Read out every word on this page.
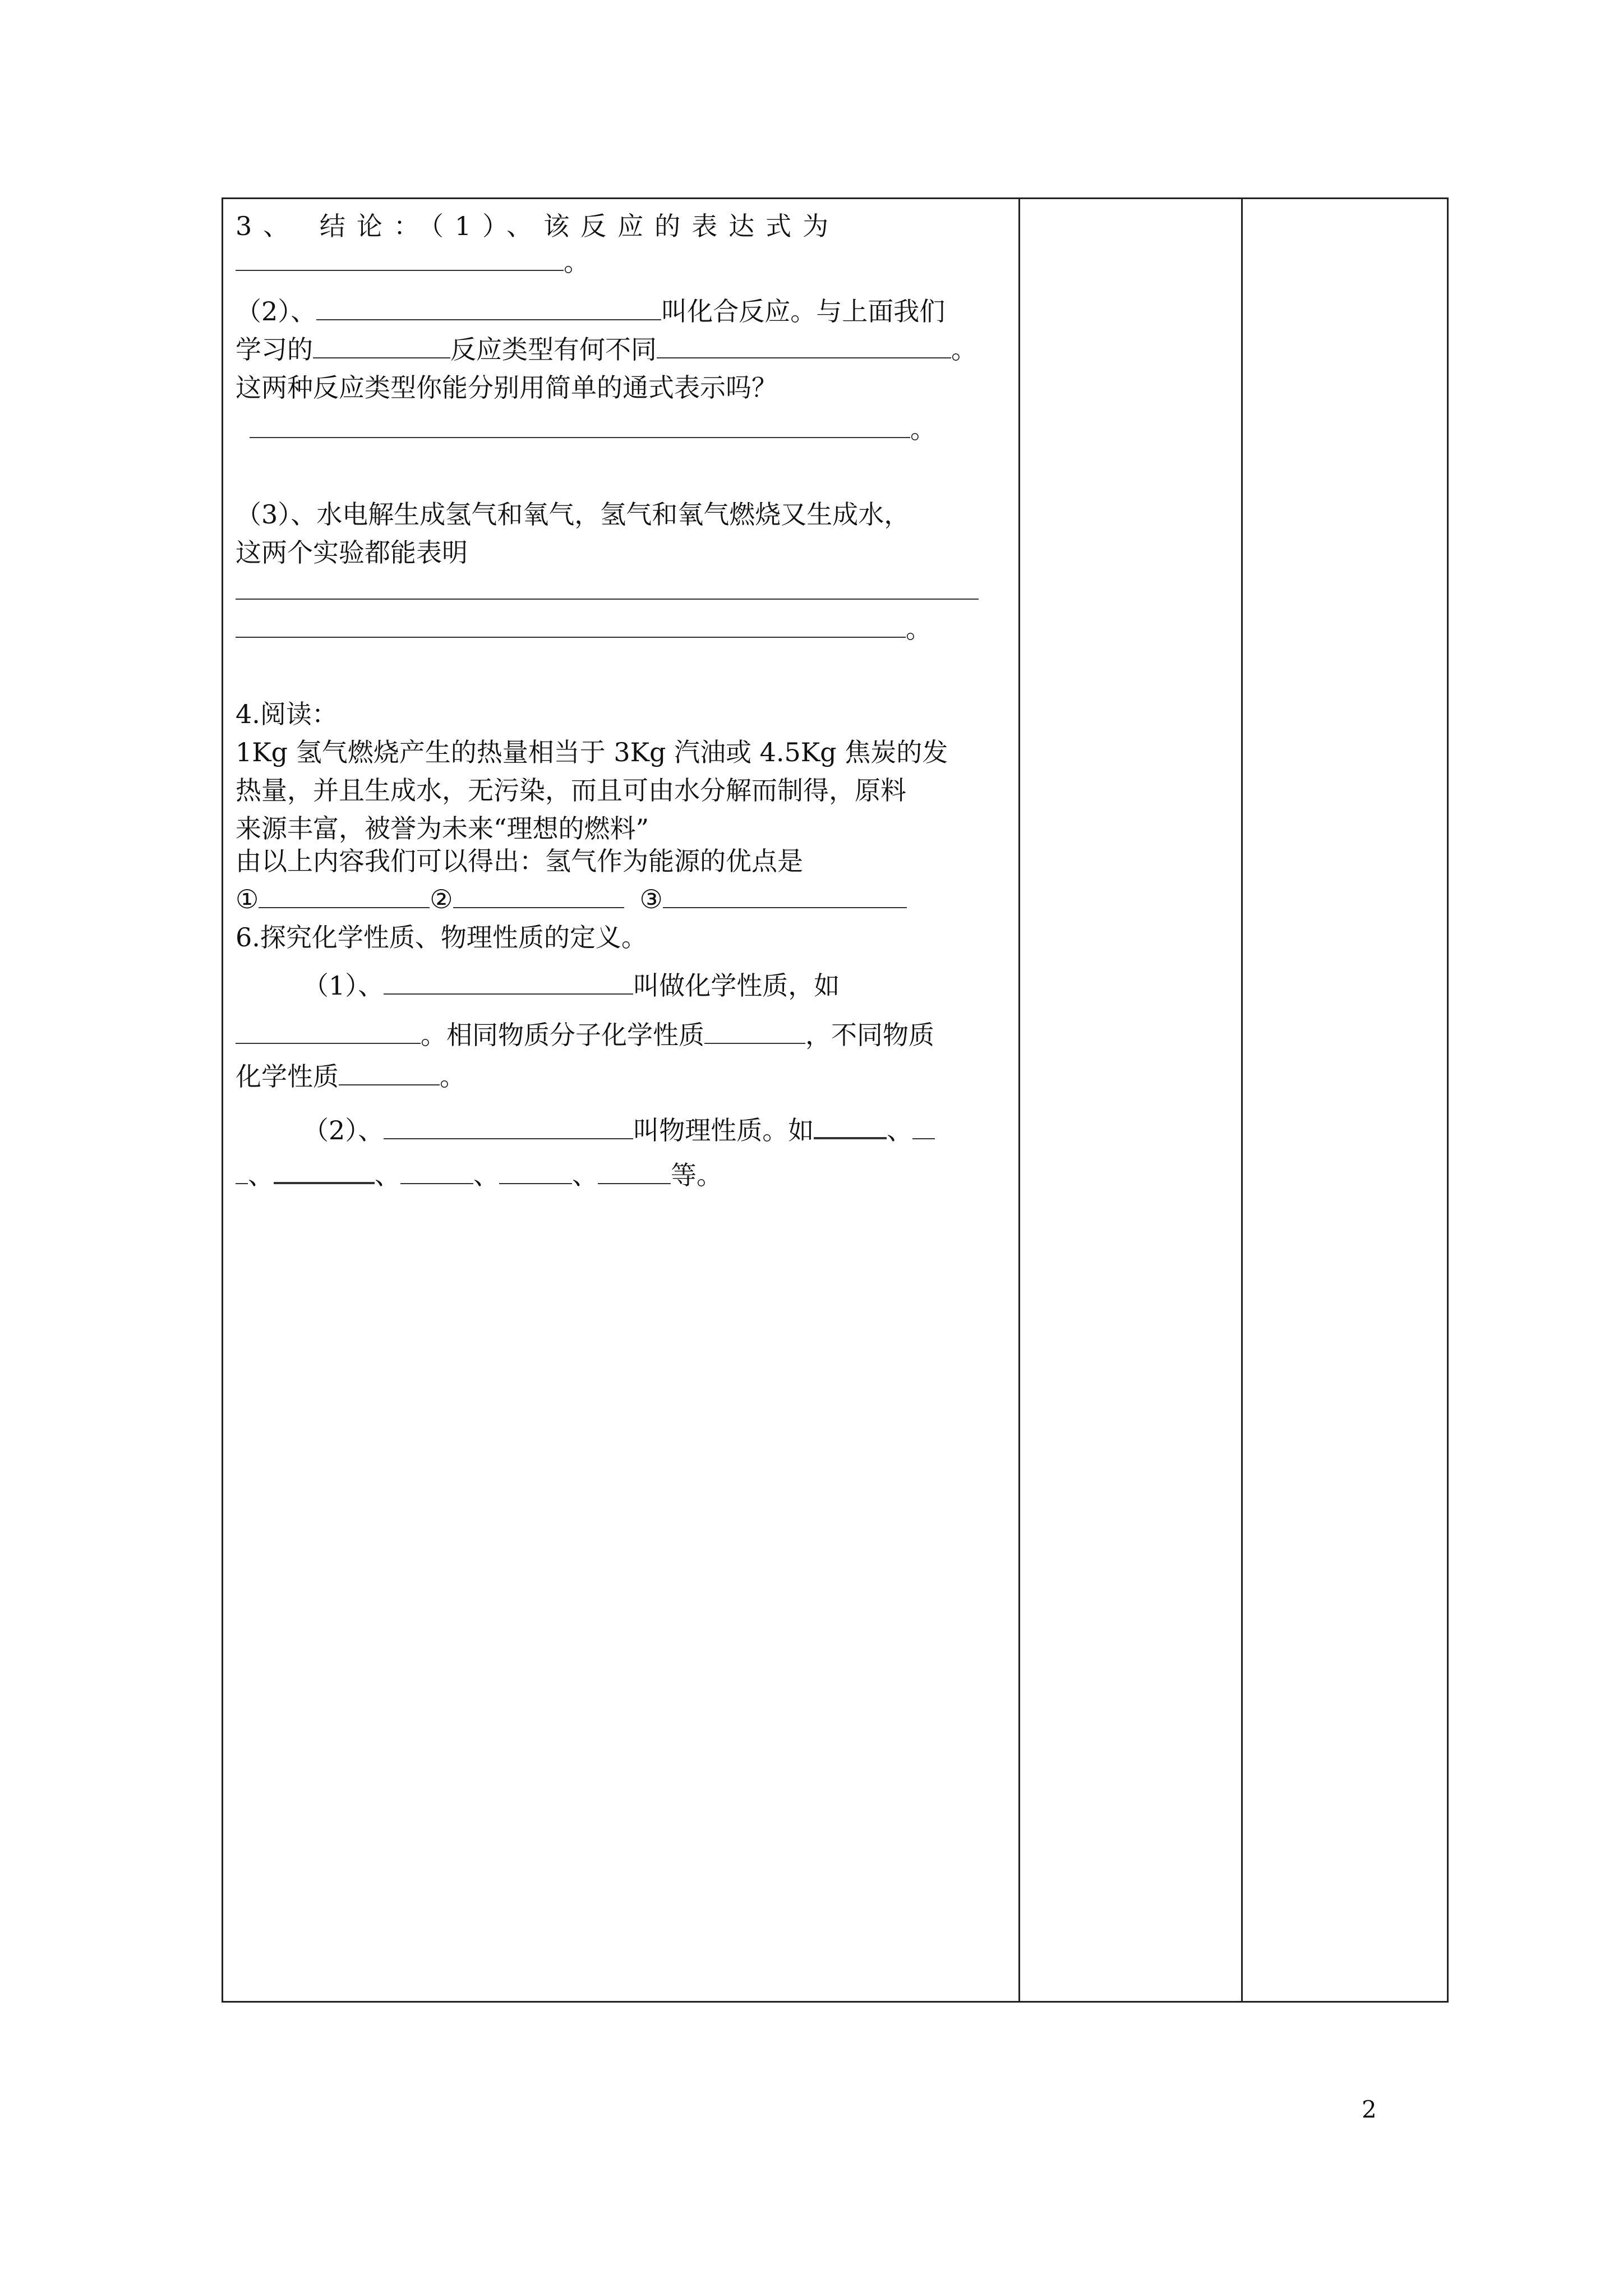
3、 结论：（1）、该反应的表达式为
。
（2）、	叫化合反应。与上面我们
学习的	反应类型有何不同	。
这两种反应类型你能分别用简单的通式表示吗？
。
（3）、水电解生成氢气和氧气，氢气和氧气燃烧又生成水，
这两个实验都能表明
。
4.阅读：
1Kg 氢气燃烧产生的热量相当于 3Kg 汽油或 4.5Kg 焦炭的发
热量，并且生成水，无污染，而且可由水分解而制得，原料
来源丰富，被誉为未来“理想的燃料”
由以上内容我们可以得出：氢气作为能源的优点是
①	②	③
6.探究化学性质、物理性质的定义。
（1）、	叫做化学性质，如
。相同物质分子化学性质	，不同物质
化学性质	。
（2）、	叫物理性质。如	、
、	、	、	、	等。
2
